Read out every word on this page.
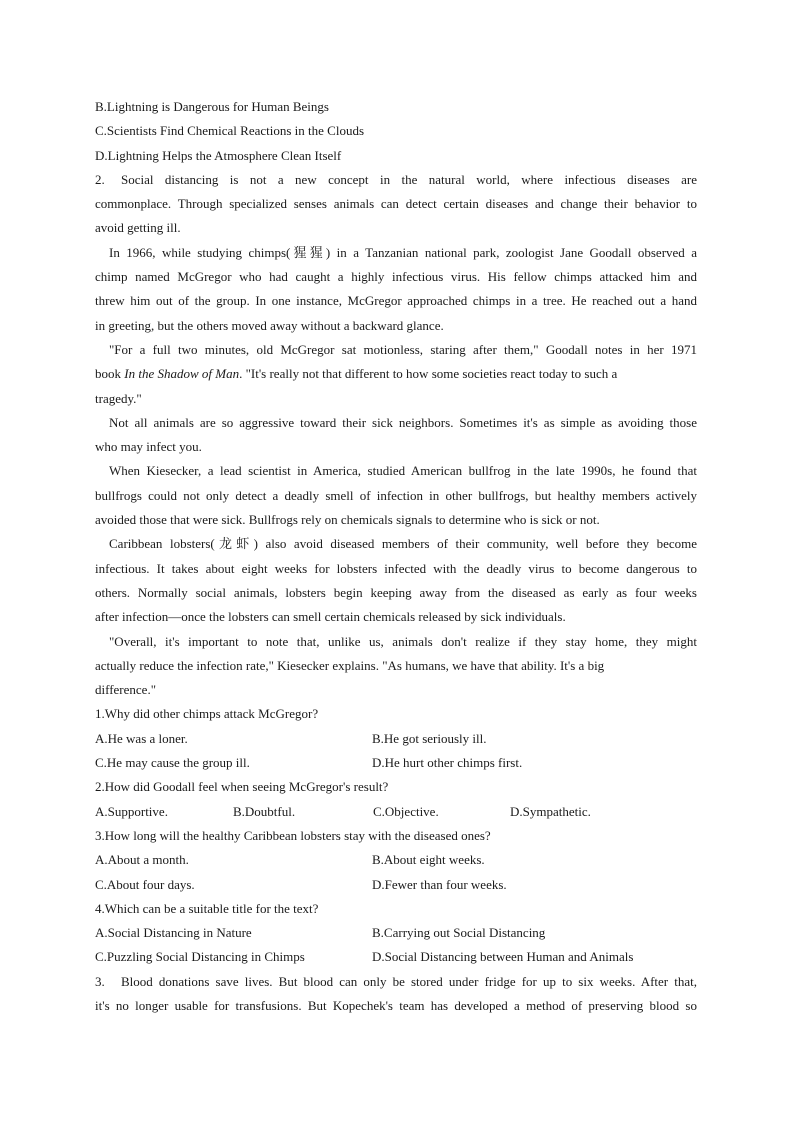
B.Lightning is Dangerous for Human Beings
C.Scientists Find Chemical Reactions in the Clouds
D.Lightning Helps the Atmosphere Clean Itself
2. Social distancing is not a new concept in the natural world, where infectious diseases are
commonplace. Through specialized senses animals can detect certain diseases and change their behavior to
avoid getting ill.
In 1966, while studying chimps(猩猩) in a Tanzanian national park, zoologist Jane Goodall observed a
chimp named McGregor who had caught a highly infectious virus. His fellow chimps attacked him and
threw him out of the group. In one instance, McGregor approached chimps in a tree. He reached out a hand
in greeting, but the others moved away without a backward glance.
"For a full two minutes, old McGregor sat motionless, staring after them," Goodall notes in her 1971
book In the Shadow of Man. "It's really not that different to how some societies react today to such a
tragedy."
Not all animals are so aggressive toward their sick neighbors. Sometimes it's as simple as avoiding those
who may infect you.
When Kiesecker, a lead scientist in America, studied American bullfrog in the late 1990s, he found that
bullfrogs could not only detect a deadly smell of infection in other bullfrogs, but healthy members actively
avoided those that were sick. Bullfrogs rely on chemicals signals to determine who is sick or not.
Caribbean lobsters(龙虾) also avoid diseased members of their community, well before they become
infectious. It takes about eight weeks for lobsters infected with the deadly virus to become dangerous to
others. Normally social animals, lobsters begin keeping away from the diseased as early as four weeks
after infection—once the lobsters can smell certain chemicals released by sick individuals.
"Overall, it's important to note that, unlike us, animals don't realize if they stay home, they might
actually reduce the infection rate," Kiesecker explains. "As humans, we have that ability. It's a big
difference."
1.Why did other chimps attack McGregor?
A.He was a loner.	B.He got seriously ill.
C.He may cause the group ill.	D.He hurt other chimps first.
2.How did Goodall feel when seeing McGregor's result?
A.Supportive.	B.Doubtful.	C.Objective.	D.Sympathetic.
3.How long will the healthy Caribbean lobsters stay with the diseased ones?
A.About a month.	B.About eight weeks.
C.About four days.	D.Fewer than four weeks.
4.Which can be a suitable title for the text?
A.Social Distancing in Nature	B.Carrying out Social Distancing
C.Puzzling Social Distancing in Chimps	D.Social Distancing between Human and Animals
3. Blood donations save lives. But blood can only be stored under fridge for up to six weeks. After that,
it's no longer usable for transfusions. But Kopechek's team has developed a method of preserving blood so
